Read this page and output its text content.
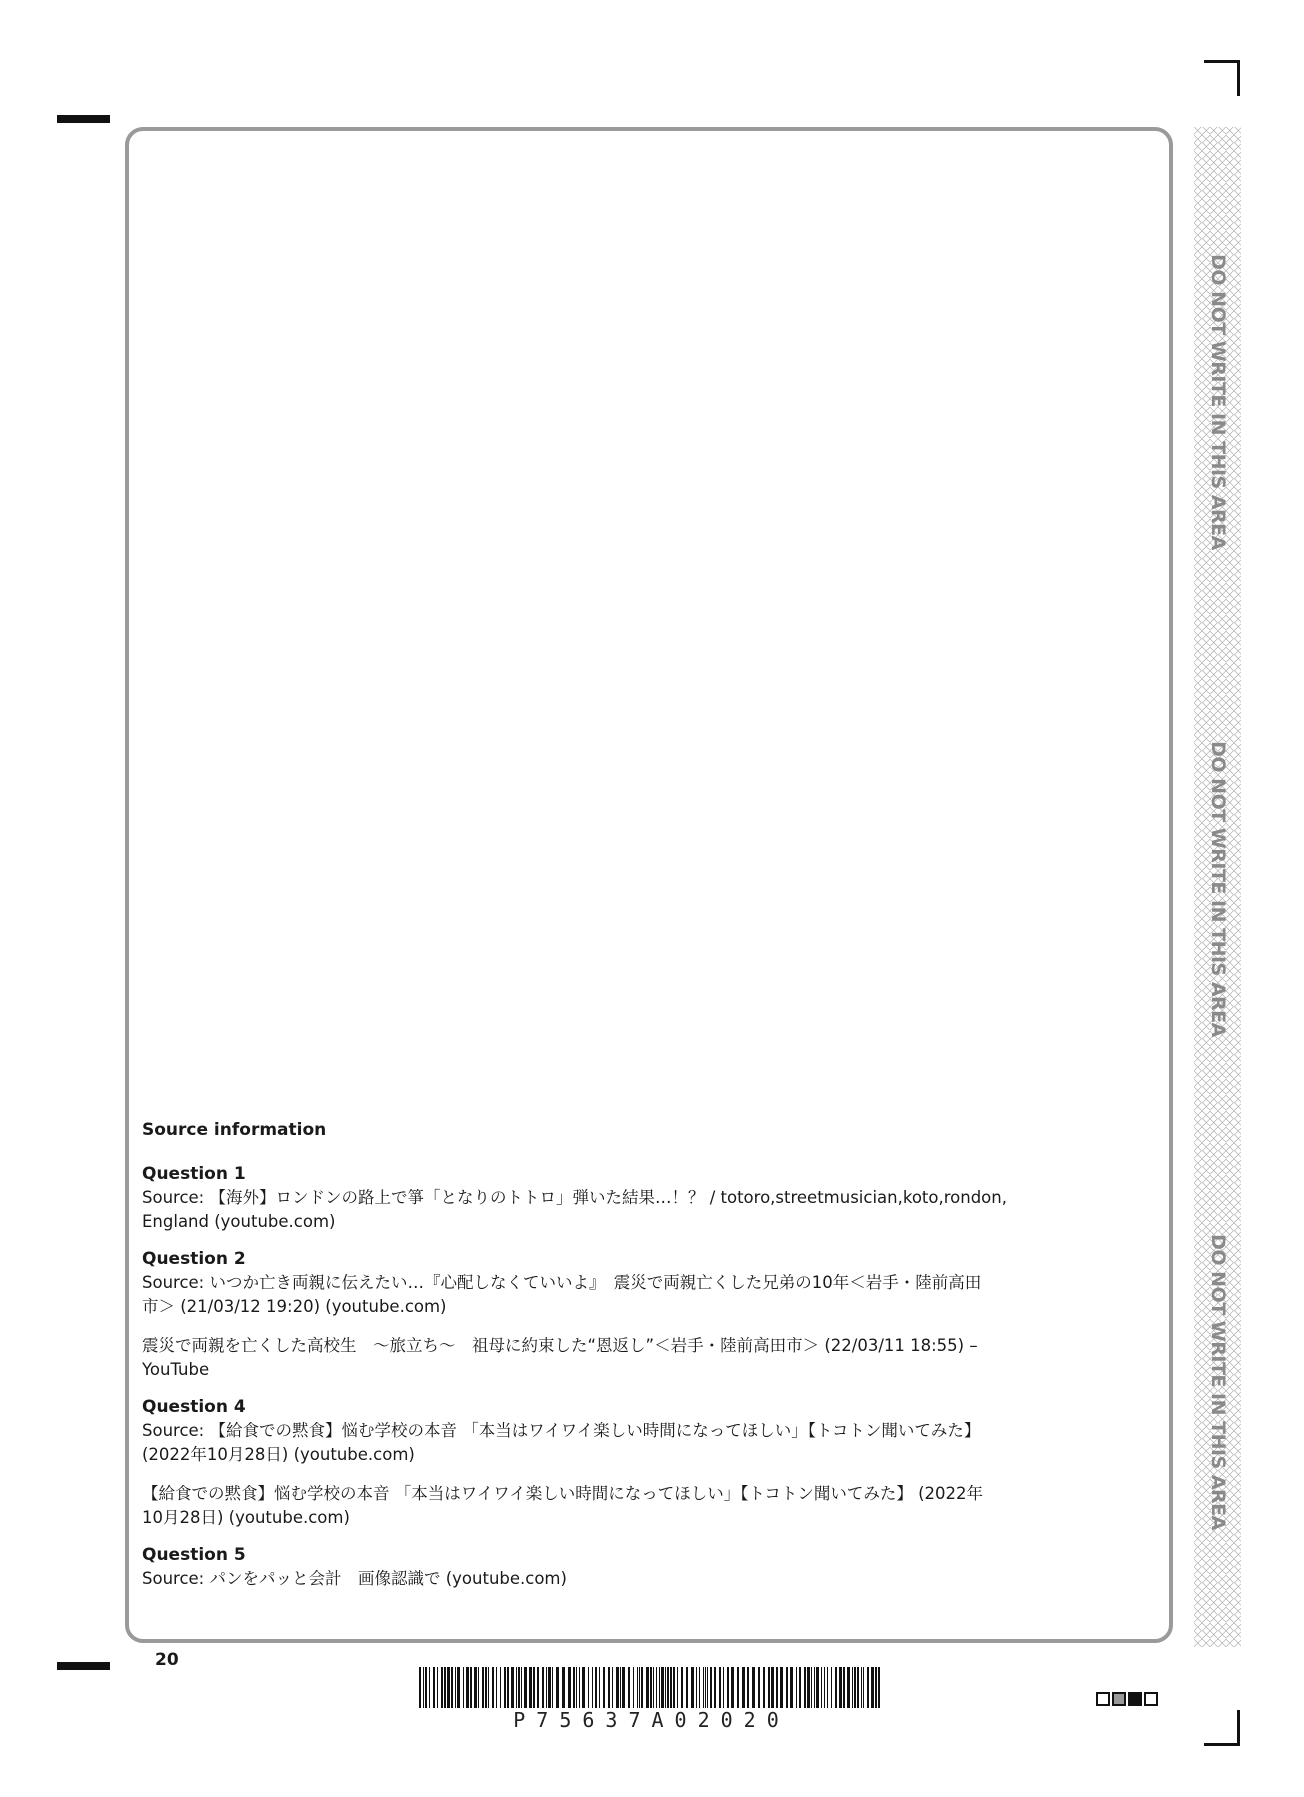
DO NOT WRITE IN THIS AREA
DO NOT WRITE IN THIS AREA
DO NOT WRITE IN THIS AREA
Source information
Question 1

Source: 【海外】ロンドンの路上で箏「となりのトトロ」弾いた結果…！？ / totoro,streetmusician,koto,rondon,

England (youtube.com)

Question 2

Source: いつか亡き両親に伝えたい…『心配しなくていいよ』　震災で両親亡くした兄弟の10年＜岩手・陸前高田

市＞ (21/03/12 19:20) (youtube.com)

震災で両親を亡くした高校生　～旅立ち～　祖母に約束した“恩返し”＜岩手・陸前高田市＞ (22/03/11 18:55) –

YouTube

Question 4

Source: 【給食での黙食】悩む学校の本音 「本当はワイワイ楽しい時間になってほしい」【トコトン聞いてみた】

(2022年10月28日) (youtube.com)

【給食での黙食】悩む学校の本音 「本当はワイワイ楽しい時間になってほしい」【トコトン聞いてみた】 (2022年

10月28日) (youtube.com)

Question 5

Source: パンをパッと会計　画像認識で (youtube.com)

20
P75637A02020
